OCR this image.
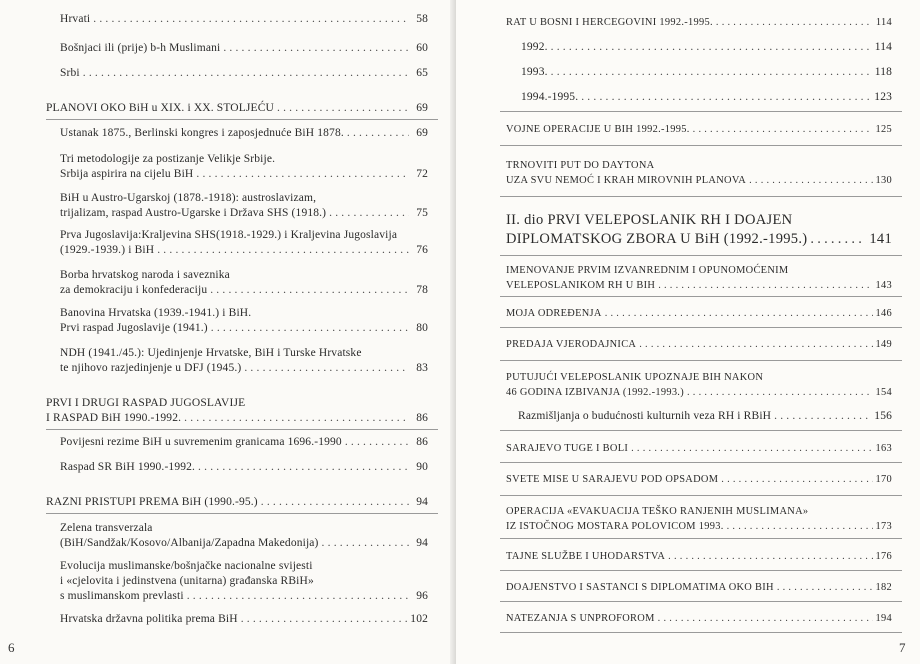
Hrvati .....	58
Bošnjaci ili (prije) b-h Muslimani .....	60
Srbi .....	65
PLANOVI OKO BiH u XIX. i XX. STOLJEĆU .....	69
Ustanak 1875., Berlinski kongres i zaposjednuće BiH 1878. .....	69
Tri metodologije za postizanje Velikje Srbije.
Srbija aspirira na cijelu BiH .....	72
BiH u Austro-Ugarskoj (1878.-1918): austroslavizam,
trijalizam, raspad Austro-Ugarske i Država SHS (1918.) .....	75
Prva Jugoslavija:Kraljevina SHS(1918.-1929.) i Kraljevina Jugoslavija
(1929.-1939.) i BiH .....	76
Borba hrvatskog naroda i saveznika
za demokraciju i konfederaciju .....	78
Banovina Hrvatska (1939.-1941.) i BiH.
Prvi raspad Jugoslavije (1941.) .....	80
NDH (1941./45.): Ujedinjenje Hrvatske, BiH i Turske Hrvatske
te njihovo razjedinjenje u DFJ (1945.) .....	83
PRVI I DRUGI RASPAD JUGOSLAVIJE
I RASPAD BiH 1990.-1992. .....	86
Povijesni rezime BiH u suvremenim granicama 1696.-1990 .....	86
Raspad SR BiH 1990.-1992. .....	90
RAZNI PRISTUPI PREMA BiH (1990.-95.) .....	94
Zelena transverzala
(BiH/Sandžak/Kosovo/Albanija/Zapadna Makedonija) .....	94
Evolucija muslimanske/bošnjačke nacionalne svijesti
i «cjelovita i jedinstvena (unitarna) građanska RBiH»
s muslimanskom prevlasti .....	96
Hrvatska državna politika prema BiH .....	102
6
RAT U BOSNI I HERCEGOVINI 1992.-1995. .....	114
1992. .....	114
1993. .....	118
1994.-1995. .....	123
VOJNE OPERACIJE U BIH 1992.-1995. .....	125
TRNOVITI PUT DO DAYTONA
UZA SVU NEMOĆ I KRAH MIROVNIH PLANOVA .....	130
II. dio PRVI VELEPOSLANIK RH I DOAJEN
DIPLOMATSKOG ZBORA U BiH (1992.-1995.) .....	141
IMENOVANJE PRVIM IZVANREDNIM I OPUNOMOĆENIM
VELEPOSLANIKOM RH U BIH .....	143
MOJA ODREĐENJA .....	146
PREDAJA VJERODAJNICA .....	149
PUTUJUĆI VELEPOSLANIK UPOZNAJE BIH NAKON
46 GODINA IZBIVANJA (1992.-1993.) .....	154
Razmišljanja o budućnosti kulturnih veza RH i RBiH .....	156
SARAJEVO TUGE I BOLI .....	163
SVETE MISE U SARAJEVU POD OPSADOM .....	170
OPERACIJA «EVAKUACIJA TEŠKO RANJENIH MUSLIMANA»
IZ ISTOČNOG MOSTARA POLOVICOM 1993. .....	173
TAJNE SLUŽBE I UHODARSTVA .....	176
DOAJENSTVO I SASTANCI S DIPLOMATIMA OKO BIH .....	182
NATEZANJA S UNPROFOROM .....	194
7
